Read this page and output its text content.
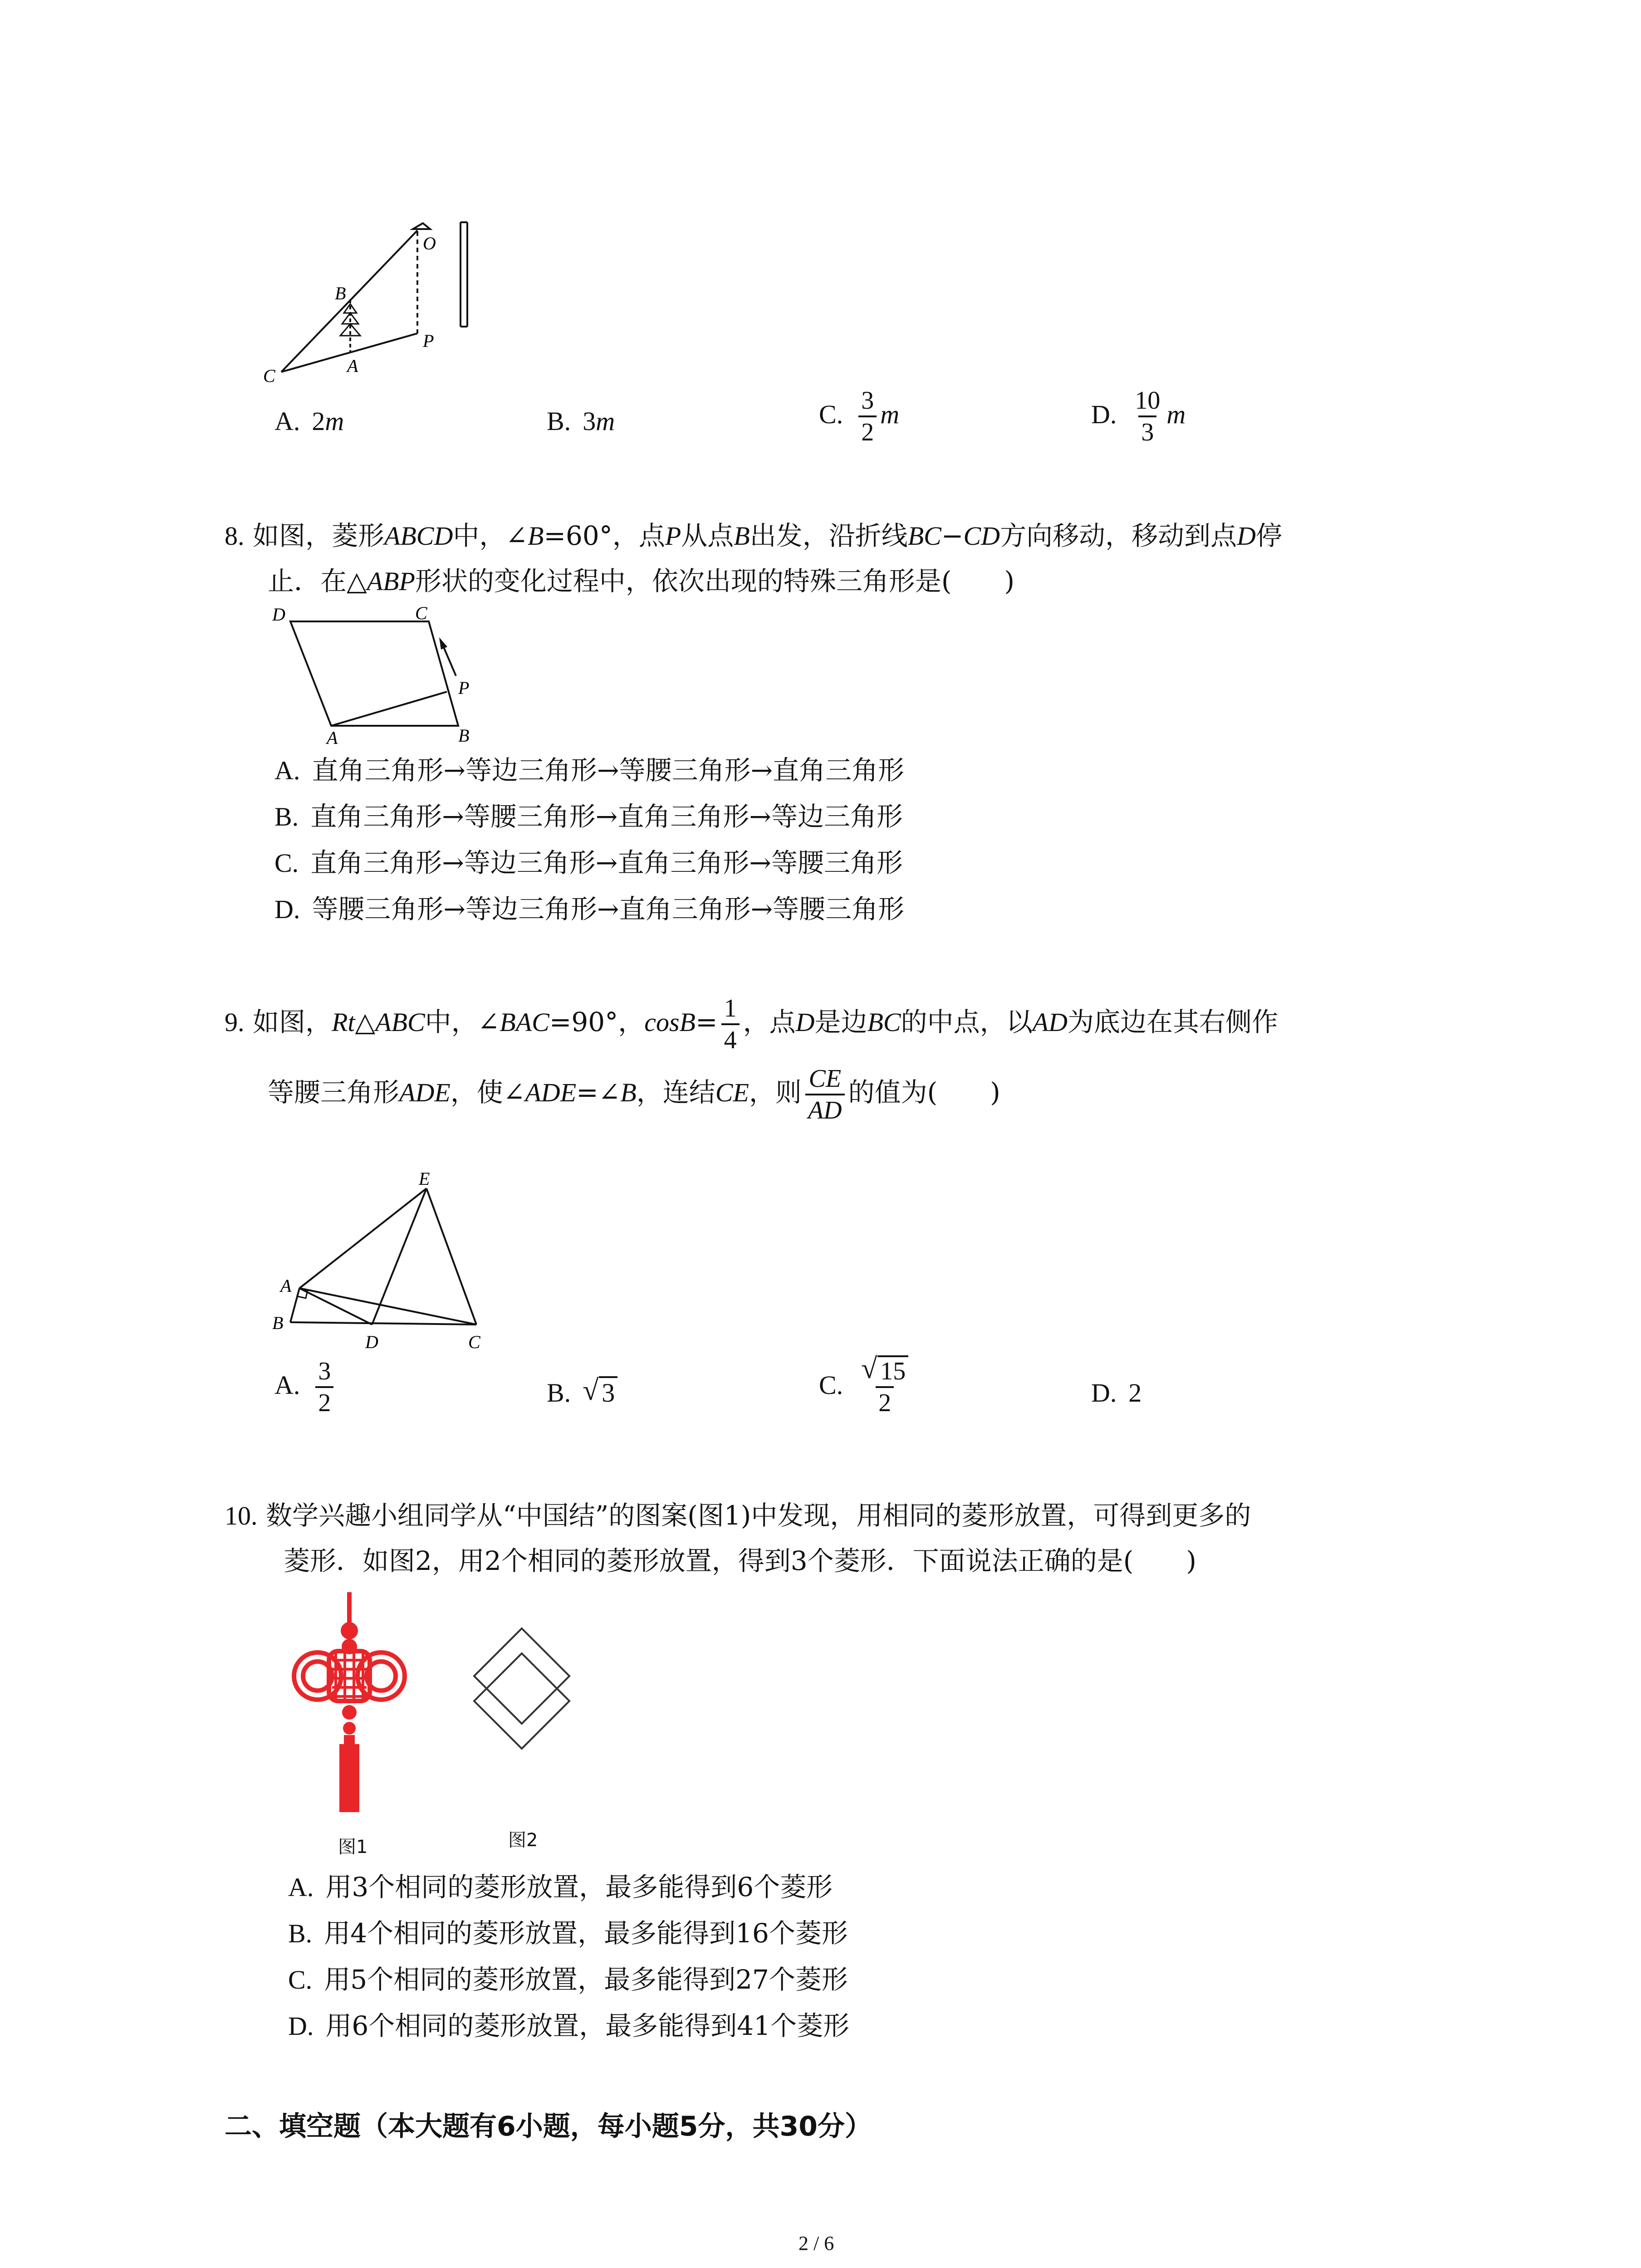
O
B
C	A
P
A. 2m	B. 3m	C. $\frac{3}{2}$ m	D. $\frac{10}{3}$ m
8. 如图，菱形ABCD中，∠B=60°，点P从点B出发，沿折线BC−CD方向移动，移动到点D停
止．在△ABP形状的变化过程中，依次出现的特殊三角形是(　　)
D	C
P
A	B
A. 直角三角形→等边三角形→等腰三角形→直角三角形
B. 直角三角形→等腰三角形→直角三角形→等边三角形
C. 直角三角形→等边三角形→直角三角形→等腰三角形
D. 等腰三角形→等边三角形→直角三角形→等腰三角形
9. 如图，Rt△ABC中，∠BAC=90°，$\cos B= \frac{1}{4}$ ，点D是边BC的中点，以AD为底边在其右侧作
等腰三角形ADE，使∠ADE=∠B，连结CE，则 $\frac{CE}{AD}$ 的值为(　　)
E
A
B
D	C
A. $\frac{3}{2}$	B. √ 3	C. $\frac{√ 15}{2}$	D. 2
10. 数学兴趣小组同学从“中国结”的图案(图1)中发现，用相同的菱形放置，可得到更多的
菱形．如图2，用2个相同的菱形放置，得到3个菱形．下面说法正确的是(　　)
图1	图2
A. 用3个相同的菱形放置，最多能得到6个菱形
B. 用4个相同的菱形放置，最多能得到16个菱形
C. 用5个相同的菱形放置，最多能得到27个菱形
D. 用6个相同的菱形放置，最多能得到41个菱形
二、填空题（本大题有6小题，每小题5分，共30分）
2 / 6
